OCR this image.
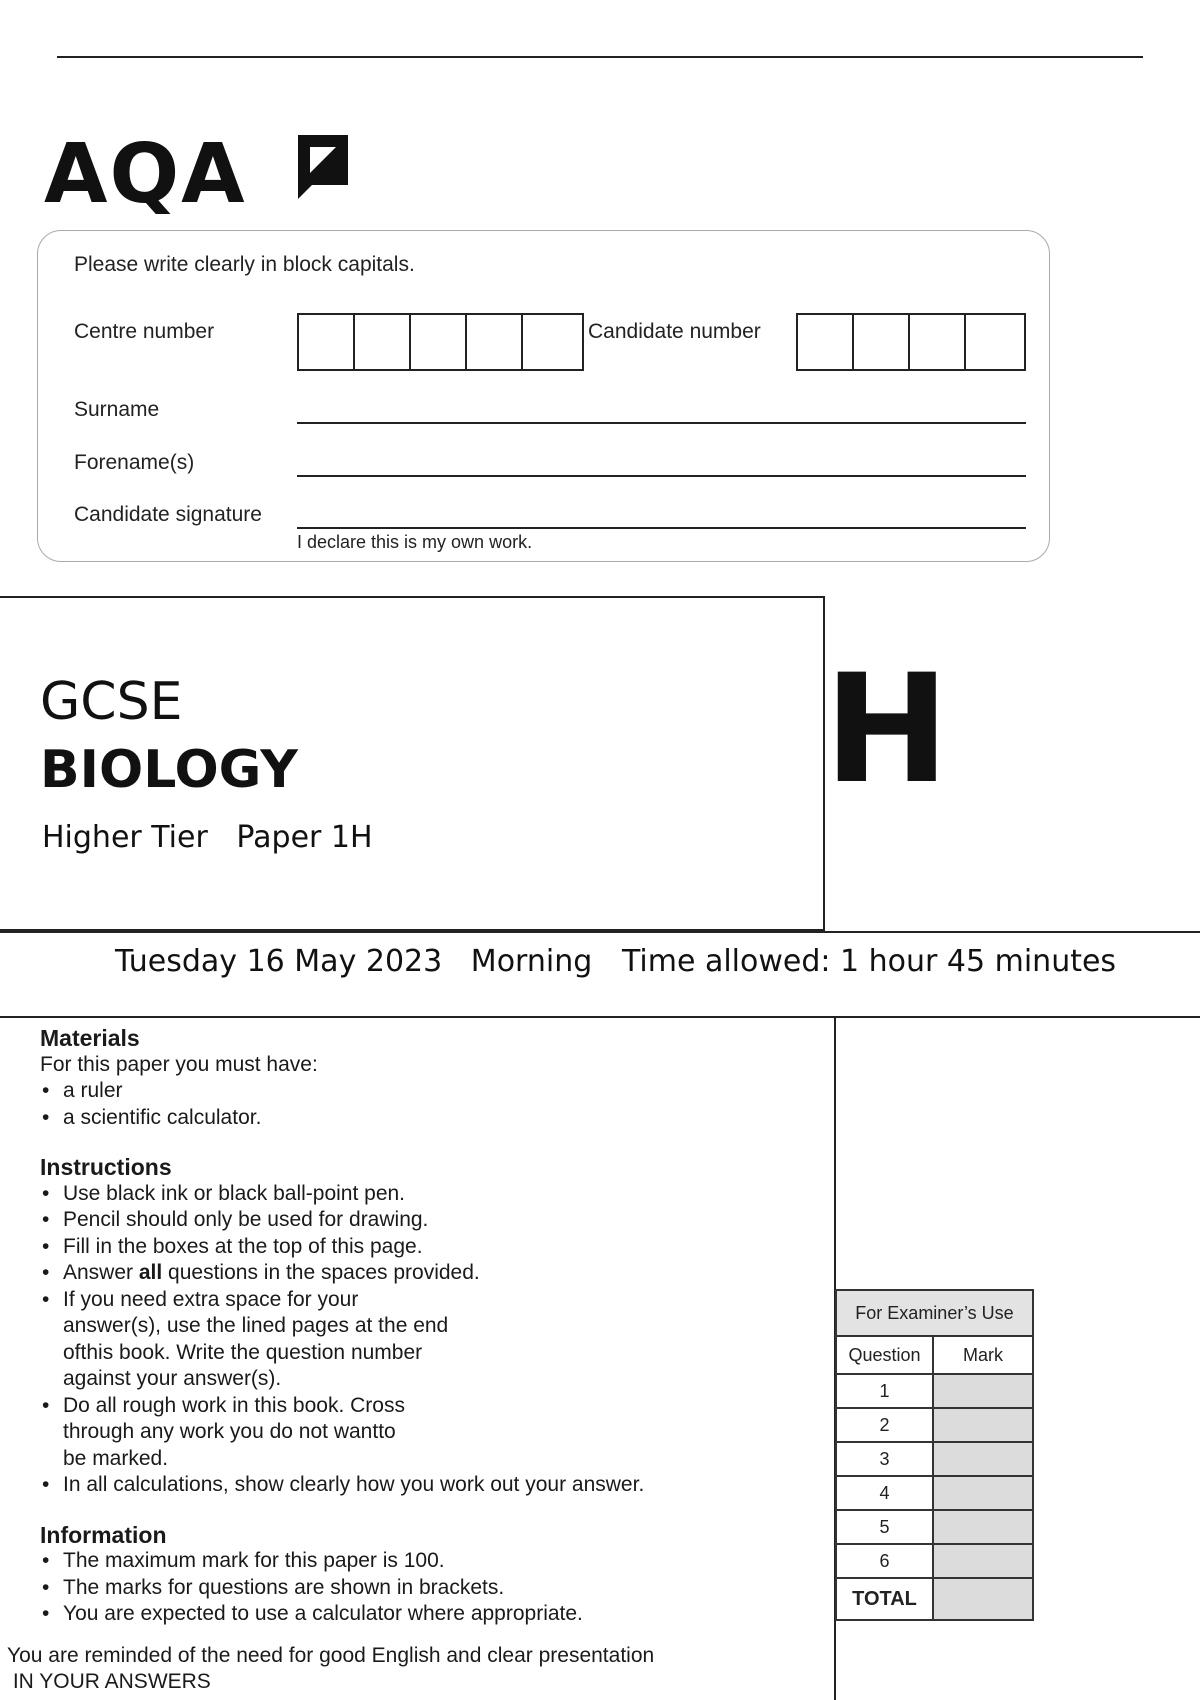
AQA
Please write clearly in block capitals.
Centre number	Candidate number
Surname
Forename(s)
Candidate signature
I declare this is my own work.
GCSE
BIOLOGY
Higher Tier   Paper 1H
H
Tuesday 16 May 2023   Morning Time allowed: 1 hour 45 minutes
Materials
For this paper you must have:
• a ruler
• a scientific calculator.
Instructions
• Use black ink or black ball-point pen.
• Pencil should only be used for drawing.
• Fill in the boxes at the top of this page.
• Answer all questions in the spaces provided.
• If you need extra space for your
answer(s), use the lined pages at the end
ofthis book. Write the question number
against your answer(s).
• Do all rough work in this book. Cross
through any work you do not wantto
be marked.
• In all calculations, show clearly how you work out your answer.
Information
• The maximum mark for this paper is 100.
• The marks for questions are shown in brackets.
• You are expected to use a calculator where appropriate.
You are reminded of the need for good English and clear presentation
IN YOUR ANSWERS
For Examiner’s Use	
Question	Mark
1	
2	
3	
4	
5	
6	
TOTAL	
